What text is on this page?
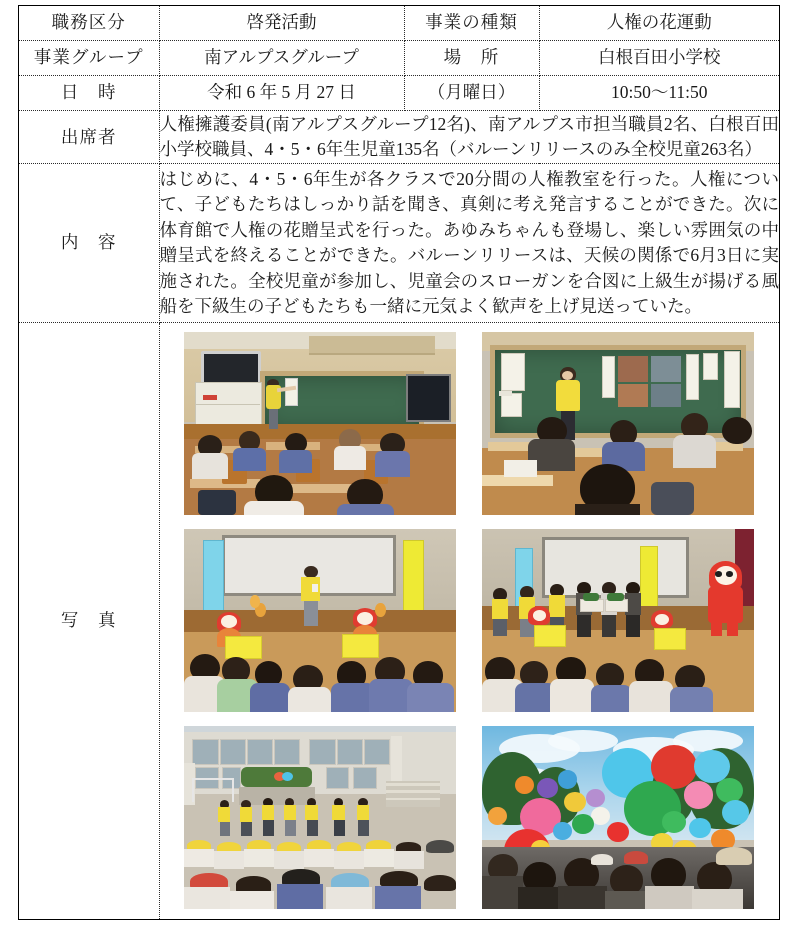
職務区分	啓発活動	事業の種類	人権の花運動
事業グループ	南アルプスグループ	場　所	白根百田小学校
日　時	令和 6 年 5 月 27 日	（月曜日）	10:50〜11:50
出席者	人権擁護委員(南アルプスグループ12名)、南アルプス市担当職員2名、白根百田小学校職員、4・5・6年生児童135名（バルーンリリースのみ全校児童263名）		
内　容	はじめに、4・5・6年生が各クラスで20分間の人権教室を行った。人権について、子どもたちはしっかり話を聞き、真剣に考え発言することができた。次に体育館で人権の花贈呈式を行った。あゆみちゃんも登場し、楽しい雰囲気の中贈呈式を終えることができた。バルーンリリースは、天候の関係で6月3日に実施された。全校児童が参加し、児童会のスローガンを合図に上級生が揚げる風船を下級生の子どもたちも一緒に元気よく歓声を上げ見送っていた。		
写　真			
